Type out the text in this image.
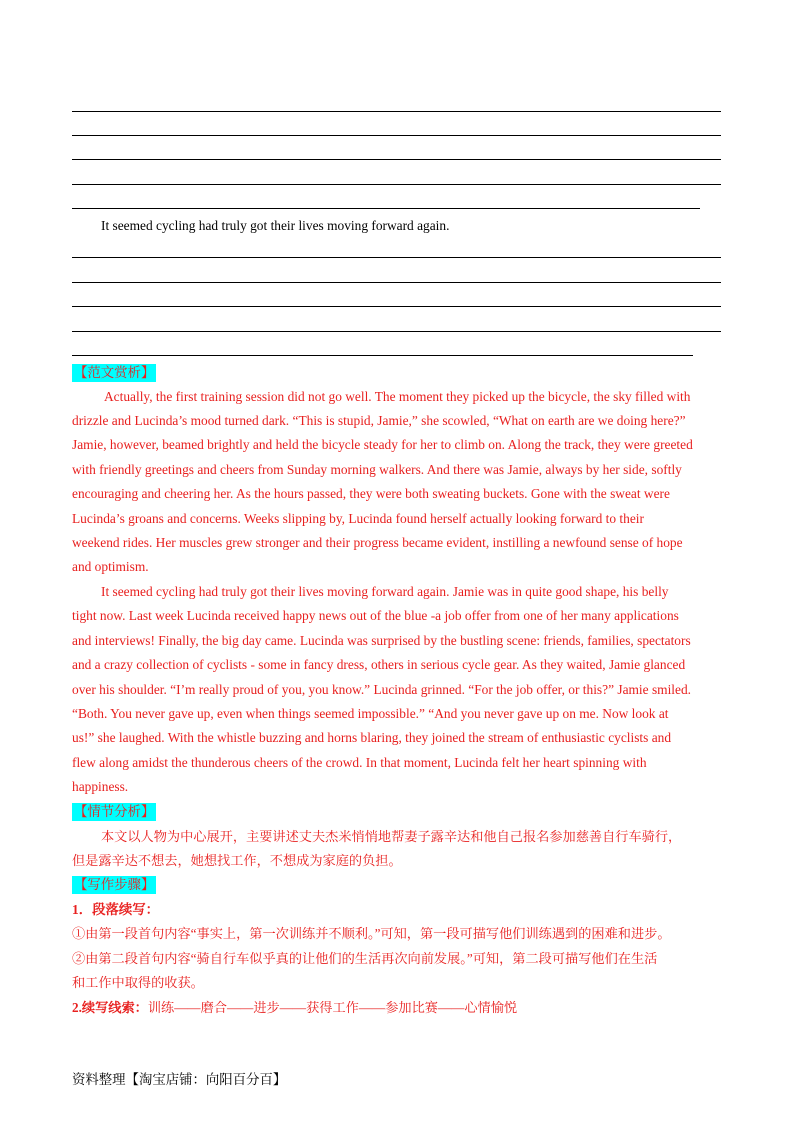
It seemed cycling had truly got their lives moving forward again.
【范文赏析】
Actually, the first training session did not go well. The moment they picked up the bicycle, the sky filled with
drizzle and Lucinda’s mood turned dark. “This is stupid, Jamie,” she scowled, “What on earth are we doing here?”
Jamie, however, beamed brightly and held the bicycle steady for her to climb on. Along the track, they were greeted
with friendly greetings and cheers from Sunday morning walkers. And there was Jamie, always by her side, softly
encouraging and cheering her. As the hours passed, they were both sweating buckets. Gone with the sweat were
Lucinda’s groans and concerns. Weeks slipping by, Lucinda found herself actually looking forward to their
weekend rides. Her muscles grew stronger and their progress became evident, instilling a newfound sense of hope
and optimism.
It seemed cycling had truly got their lives moving forward again. Jamie was in quite good shape, his belly
tight now. Last week Lucinda received happy news out of the blue -a job offer from one of her many applications
and interviews! Finally, the big day came. Lucinda was surprised by the bustling scene: friends, families, spectators
and a crazy collection of cyclists - some in fancy dress, others in serious cycle gear. As they waited, Jamie glanced
over his shoulder. “I’m really proud of you, you know.” Lucinda grinned. “For the job offer, or this?” Jamie smiled.
“Both. You never gave up, even when things seemed impossible.” “And you never gave up on me. Now look at
us!” she laughed. With the whistle buzzing and horns blaring, they joined the stream of enthusiastic cyclists and
flew along amidst the thunderous cheers of the crowd. In that moment, Lucinda felt her heart spinning with
happiness.
【情节分析】
本文以人物为中心展开，主要讲述丈夫杰米悄悄地帮妻子露辛达和他自己报名参加慈善自行车骑行，
但是露辛达不想去，她想找工作，不想成为家庭的负担。
【写作步骤】
1．段落续写：
①由第一段首句内容“事实上，第一次训练并不顺利。”可知，第一段可描写他们训练遇到的困难和进步。
②由第二段首句内容“骑自行车似乎真的让他们的生活再次向前发展。”可知，第二段可描写他们在生活
和工作中取得的收获。
2.续写线索：训练——磨合——进步——获得工作——参加比赛——心情愉悦
资料整理【淘宝店铺：向阳百分百】
